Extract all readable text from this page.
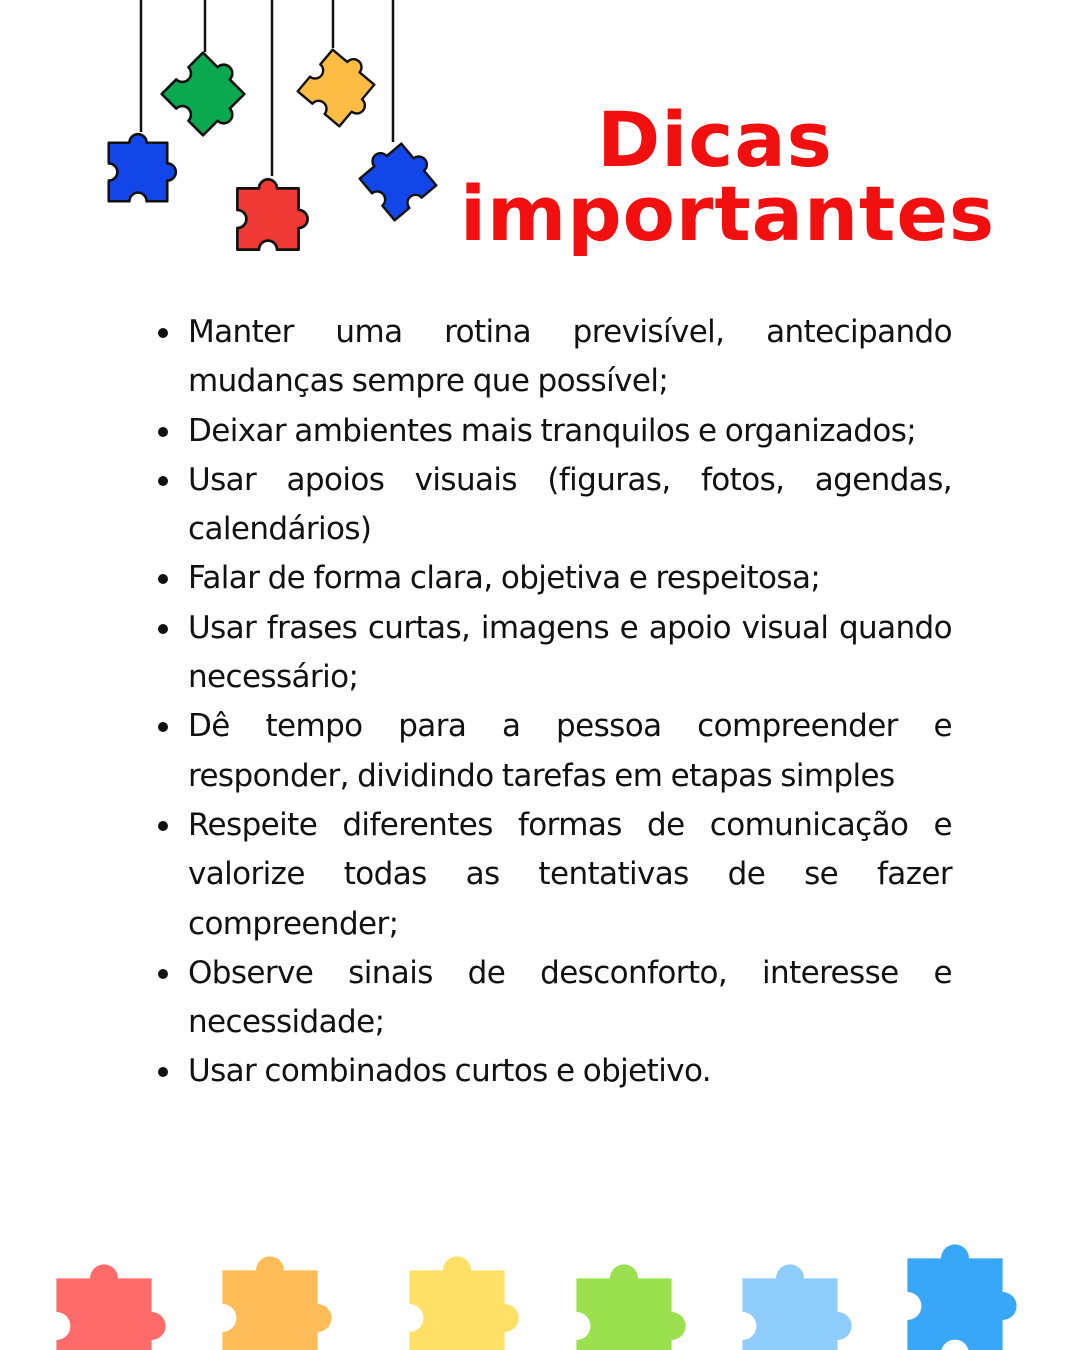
Dicas
importantes
Manter uma rotina previsível, antecipando mudanças sempre que possível;
Deixar ambientes mais tranquilos e organizados;
Usar apoios visuais (figuras, fotos, agendas, calendários)
Falar de forma clara, objetiva e respeitosa;
Usar frases curtas, imagens e apoio visual quando necessário;
Dê tempo para a pessoa compreender e responder, dividindo tarefas em etapas simples
Respeite diferentes formas de comunicação e valorize todas as tentativas de se fazer compreender;
Observe sinais de desconforto, interesse e necessidade;
Usar combinados curtos e objetivo.
